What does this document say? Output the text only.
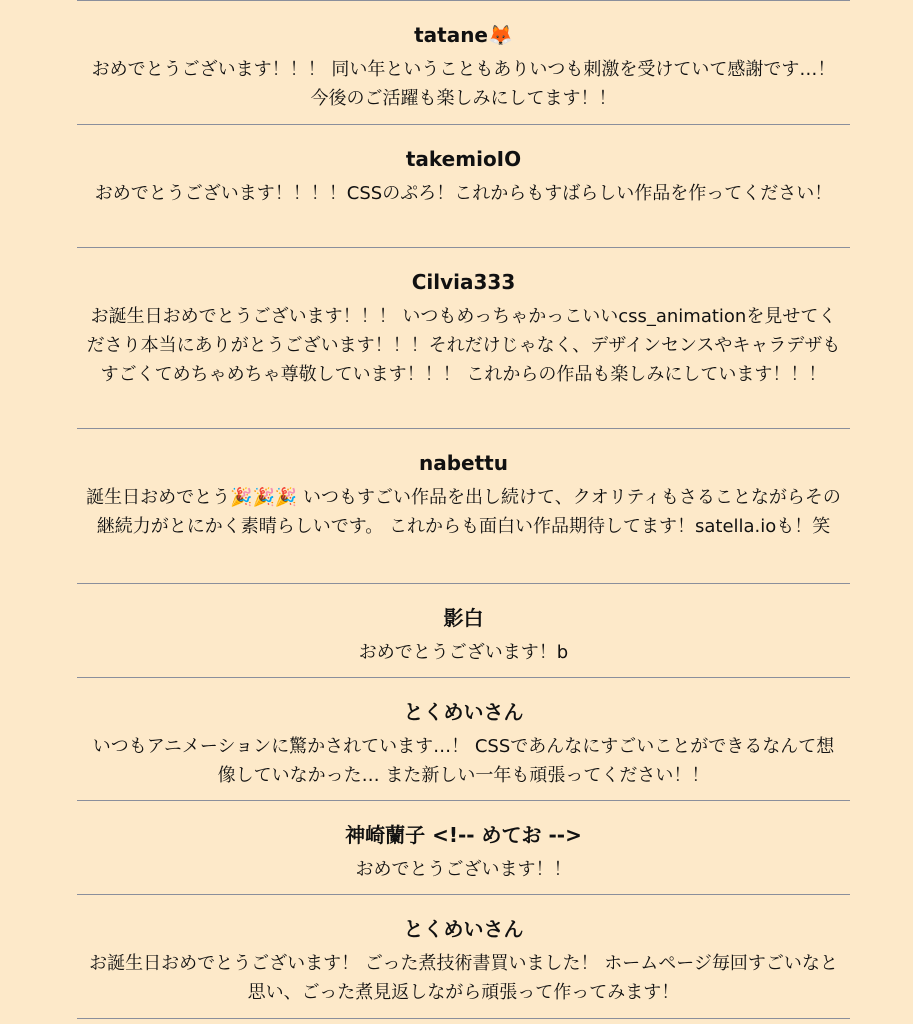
tatane🦊
おめでとうございます！！！ 同い年ということもありいつも刺激を受けていて感謝です…！ 今後のご活躍も楽しみにしてます！！
takemioIO
おめでとうございます！！！！CSSのぷろ！これからもすばらしい作品を作ってください！
Cilvia333
お誕生日おめでとうございます！！！ いつもめっちゃかっこいいcss_animationを見せてくださり本当にありがとうございます！！！それだけじゃなく、デザインセンスやキャラデザもすごくてめちゃめちゃ尊敬しています！！！ これからの作品も楽しみにしています！！！
nabettu
誕生日おめでとう🎉🎉🎉 いつもすごい作品を出し続けて、クオリティもさることながらその継続力がとにかく素晴らしいです。 これからも面白い作品期待してます！satella.ioも！笑
影白
おめでとうございます！b
とくめいさん
いつもアニメーションに驚かされています…！ CSSであんなにすごいことができるなんて想像していなかった… また新しい一年も頑張ってください！！
神崎蘭子 <!-- めてお -->
おめでとうございます！！
とくめいさん
お誕生日おめでとうございます！ ごった煮技術書買いました！ ホームページ毎回すごいなと思い、ごった煮見返しながら頑張って作ってみます！
